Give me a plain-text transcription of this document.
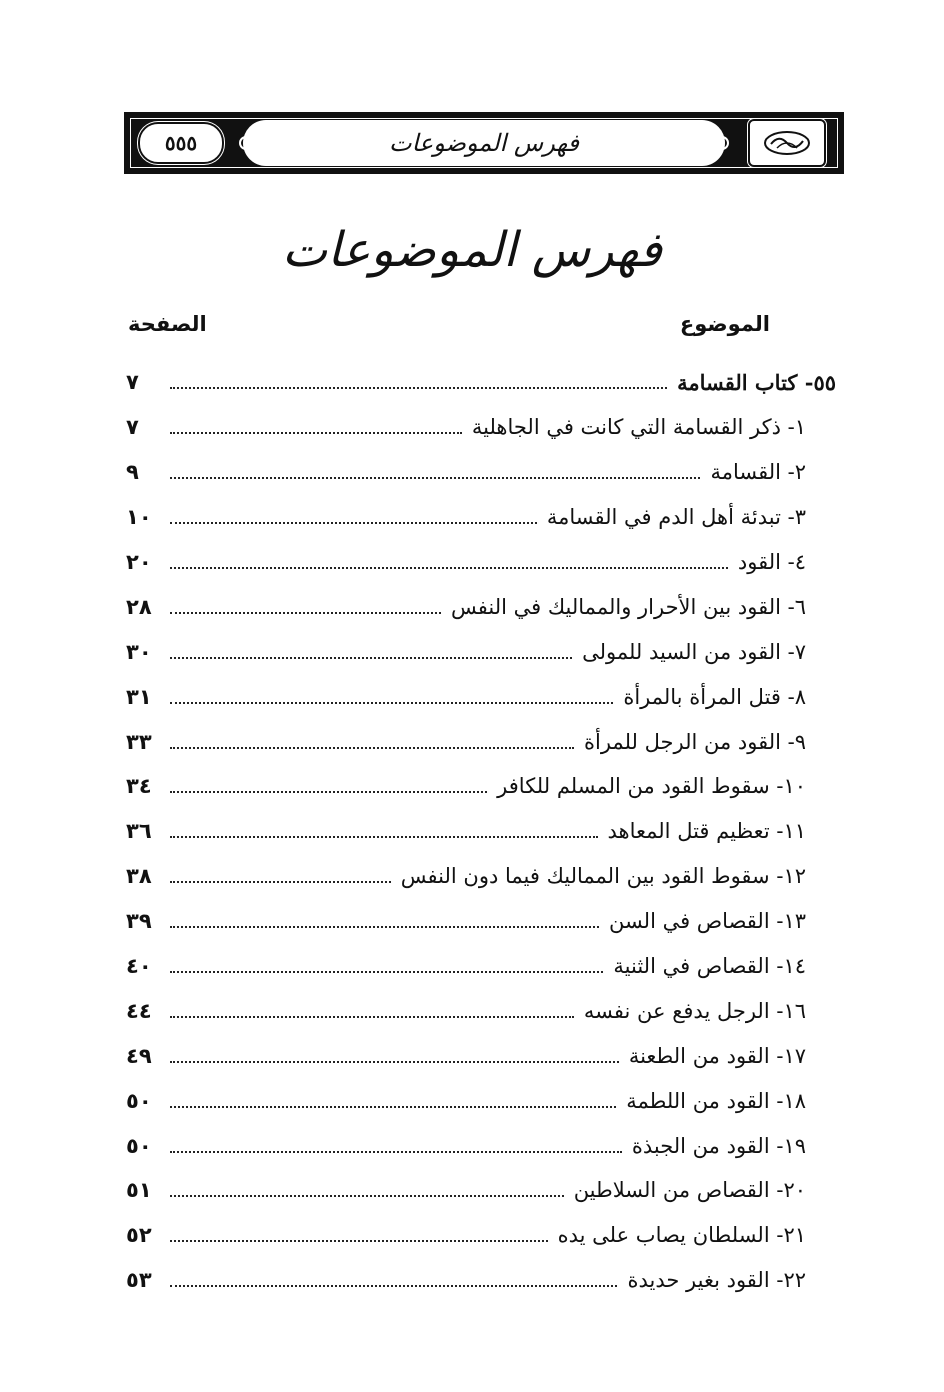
٥٥٥	فهرس الموضوعات
فهرس الموضوعات
الموضوع
الصفحة
٥٥- كتاب القسامة
٧
١- ذكر القسامة التي كانت في الجاهلية
٧
٢- القسامة
٩
٣- تبدئة أهل الدم في القسامة
١٠
٤- القود
٢٠
٦- القود بين الأحرار والمماليك في النفس
٢٨
٧- القود من السيد للمولى
٣٠
٨- قتل المرأة بالمرأة
٣١
٩- القود من الرجل للمرأة
٣٣
١٠- سقوط القود من المسلم للكافر
٣٤
١١- تعظيم قتل المعاهد
٣٦
١٢- سقوط القود بين المماليك فيما دون النفس
٣٨
١٣- القصاص في السن
٣٩
١٤- القصاص في الثنية
٤٠
١٦- الرجل يدفع عن نفسه
٤٤
١٧- القود من الطعنة
٤٩
١٨- القود من اللطمة
٥٠
١٩- القود من الجبذة
٥٠
٢٠- القصاص من السلاطين
٥١
٢١- السلطان يصاب على يده
٥٢
٢٢- القود بغير حديدة
٥٣
